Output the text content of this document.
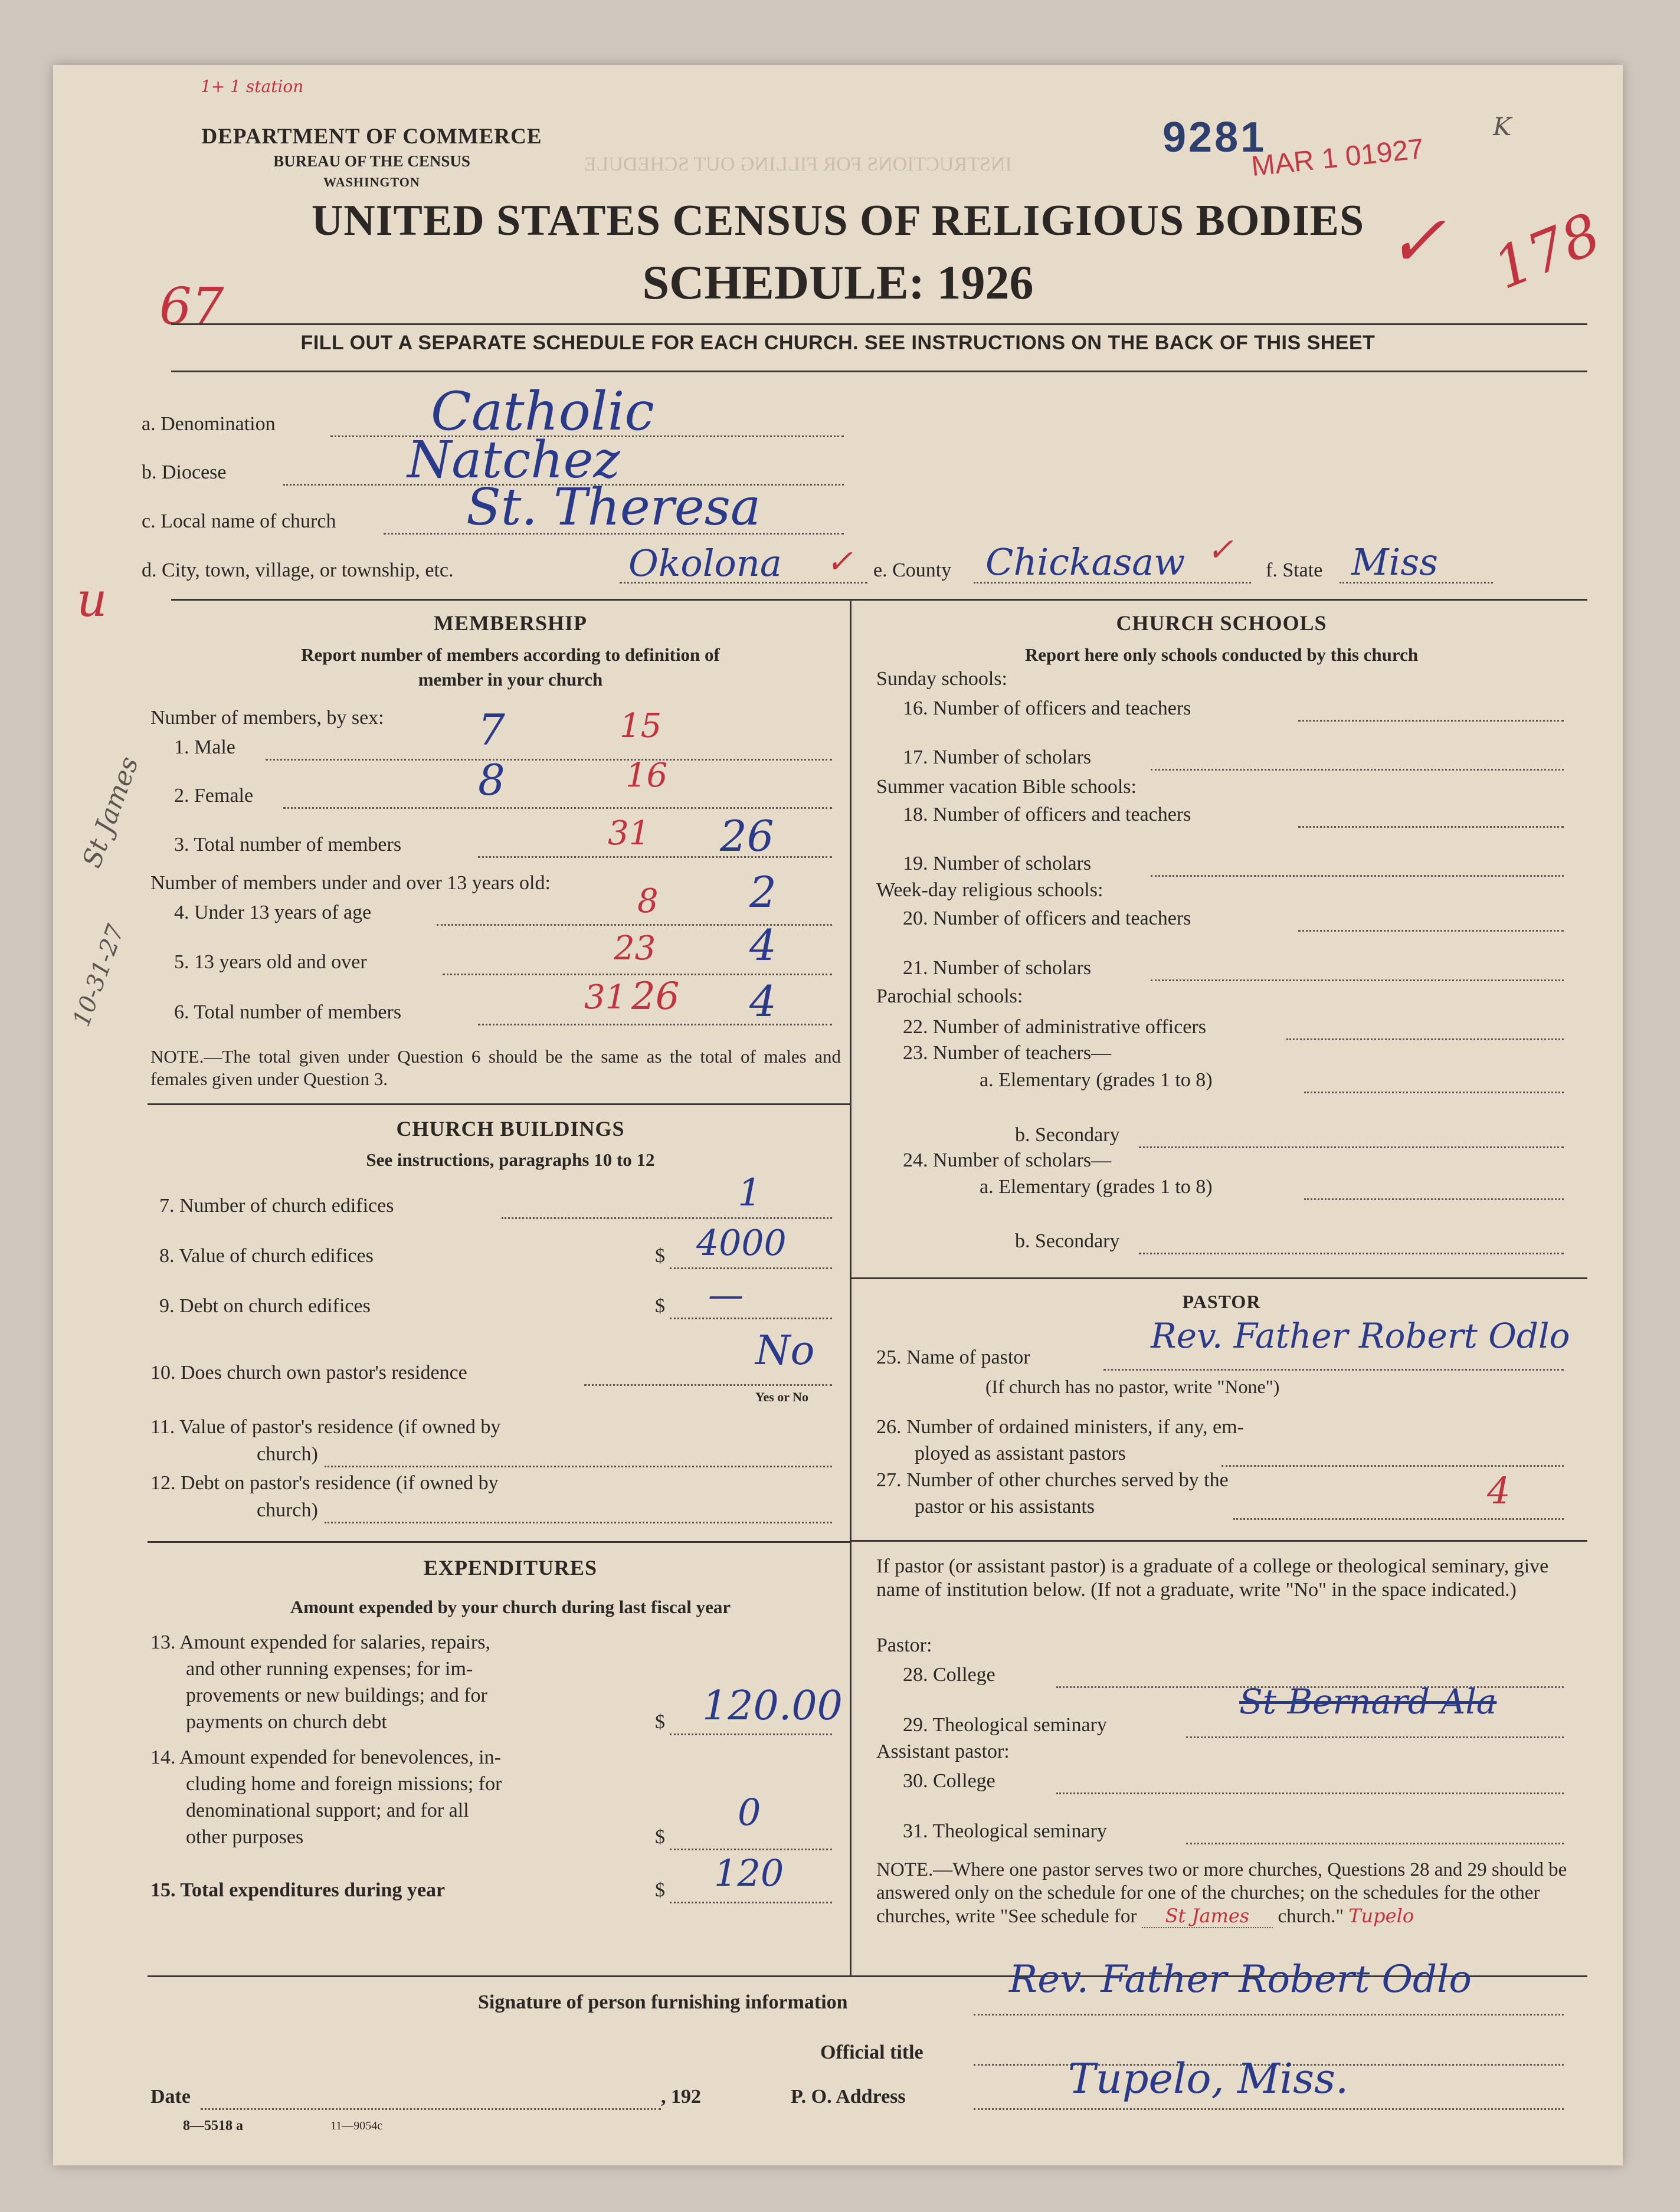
INSTRUCTIONS FOR FILLING OUT SCHEDULE
DEPARTMENT OF COMMERCE
BUREAU OF THE CENSUS
WASHINGTON
1+ 1 station
9281
MAR 1 01927
K
UNITED STATES CENSUS OF RELIGIOUS BODIES
SCHEDULE: 1926
67
178
✓
u
FILL OUT A SEPARATE SCHEDULE FOR EACH CHURCH. SEE INSTRUCTIONS ON THE BACK OF THIS SHEET
a. Denomination	Catholic
b. Diocese	Natchez
c. Local name of church	St. Theresa
d. City, town, village, or township, etc.	Okolona ✓ e. County Chickasaw ✓
f. State Miss
MEMBERSHIP
Report number of members according to definition of
member in your church
Number of members, by sex:
1. Male	7	15
2. Female	8	16
3. Total number of members	31 26
Number of members under and over 13 years old:
4. Under 13 years of age	8 2
5. 13 years old and over	23 4
6. Total number of members	31 26 4
St James
10-31-27
NOTE.—The total given under Question 6 should be the same as the total of males and females given under Question 3.
CHURCH BUILDINGS
See instructions, paragraphs 10 to 12
7. Number of church edifices	1
8. Value of church edifices	$ 4000
9. Debt on church edifices	$ —
10. Does church own pastor's residence	No
Yes or No
11. Value of pastor's residence (if owned by
church)
12. Debt on pastor's residence (if owned by
church)
EXPENDITURES
Amount expended by your church during last fiscal year
13. Amount expended for salaries, repairs,
and other running expenses; for im-
provements or new buildings; and for
payments on church debt	$ 120.00
14. Amount expended for benevolences, in-
cluding home and foreign missions; for
denominational support; and for all
other purposes	$
0
15. Total expenditures during year	$ 120
CHURCH SCHOOLS
Report here only schools conducted by this church
Sunday schools:
16. Number of officers and teachers
17. Number of scholars
Summer vacation Bible schools:
18. Number of officers and teachers
19. Number of scholars
Week-day religious schools:
20. Number of officers and teachers
21. Number of scholars
Parochial schools:
22. Number of administrative officers
23. Number of teachers—
a. Elementary (grades 1 to 8)
b. Secondary
24. Number of scholars—
a. Elementary (grades 1 to 8)
b. Secondary
PASTOR
25. Name of pastor
Rev. Father Robert Odlo
(If church has no pastor, write "None")
26. Number of ordained ministers, if any, em-
ployed as assistant pastors
27. Number of other churches served by the
pastor or his assistants	4
If pastor (or assistant pastor) is a graduate of a college or theological seminary, give name of institution below. (If not a graduate, write "No" in the space indicated.)
Pastor:
28. College
29. Theological seminary
St Bernard Ala
Assistant pastor:
30. College
31. Theological seminary
NOTE.—Where one pastor serves two or more churches, Questions 28 and 29 should be answered only on the schedule for one of the churches; on the schedules for the other churches, write "See schedule for St James church." Tupelo
Signature of person furnishing information
Rev. Father Robert Odlo
Official title
Date	, 192	P. O. Address	Tupelo, Miss.
8—5518 a	11—9054c
